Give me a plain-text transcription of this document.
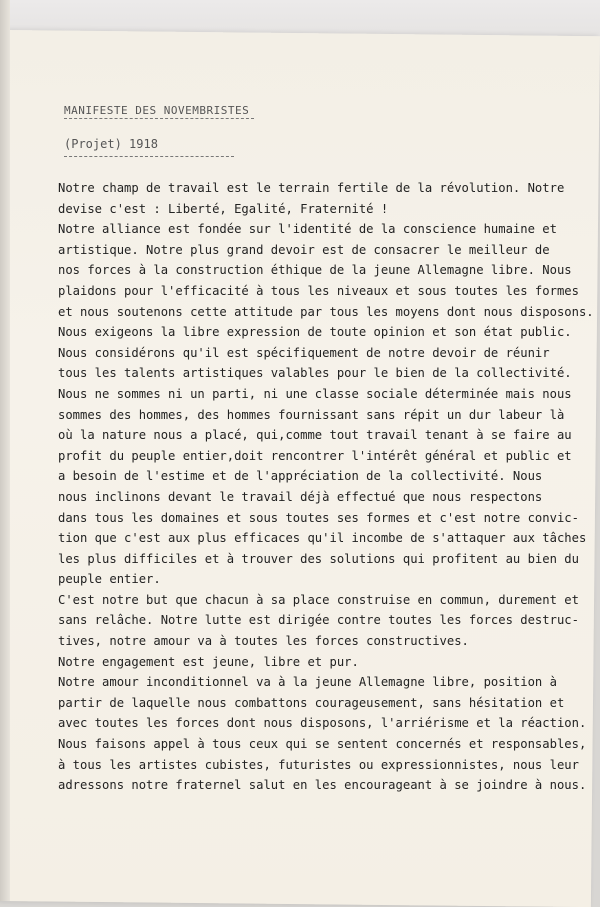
MANIFESTE DES NOVEMBRISTES
(Projet) 1918
Notre champ de travail est le terrain fertile de la révolution. Notre
devise c'est : Liberté, Egalité, Fraternité !
Notre alliance est fondée sur l'identité de la conscience humaine et
artistique. Notre plus grand devoir est de consacrer le meilleur de
nos forces à la construction éthique de la jeune Allemagne libre. Nous
plaidons pour l'efficacité à tous les niveaux et sous toutes les formes
et nous soutenons cette attitude par tous les moyens dont nous disposons.
Nous exigeons la libre expression de toute opinion et son état public.
Nous considérons qu'il est spécifiquement de notre devoir de réunir
tous les talents artistiques valables pour le bien de la collectivité.
Nous ne sommes ni un parti, ni une classe sociale déterminée mais nous
sommes des hommes, des hommes fournissant sans répit un dur labeur là
où la nature nous a placé, qui,comme tout travail tenant à se faire au
profit du peuple entier,doit rencontrer l'intérêt général et public et
a besoin de l'estime et de l'appréciation de la collectivité. Nous
nous inclinons devant le travail déjà effectué que nous respectons
dans tous les domaines et sous toutes ses formes et c'est notre convic-
tion que c'est aux plus efficaces qu'il incombe de s'attaquer aux tâches
les plus difficiles et à trouver des solutions qui profitent au bien du
peuple entier.
C'est notre but que chacun à sa place construise en commun, durement et
sans relâche. Notre lutte est dirigée contre toutes les forces destruc-
tives, notre amour va à toutes les forces constructives.
Notre engagement est jeune, libre et pur.
Notre amour inconditionnel va à la jeune Allemagne libre, position à
partir de laquelle nous combattons courageusement, sans hésitation et
avec toutes les forces dont nous disposons, l'arriérisme et la réaction.
Nous faisons appel à tous ceux qui se sentent concernés et responsables,
à tous les artistes cubistes, futuristes ou expressionnistes, nous leur
adressons notre fraternel salut en les encourageant à se joindre à nous.
